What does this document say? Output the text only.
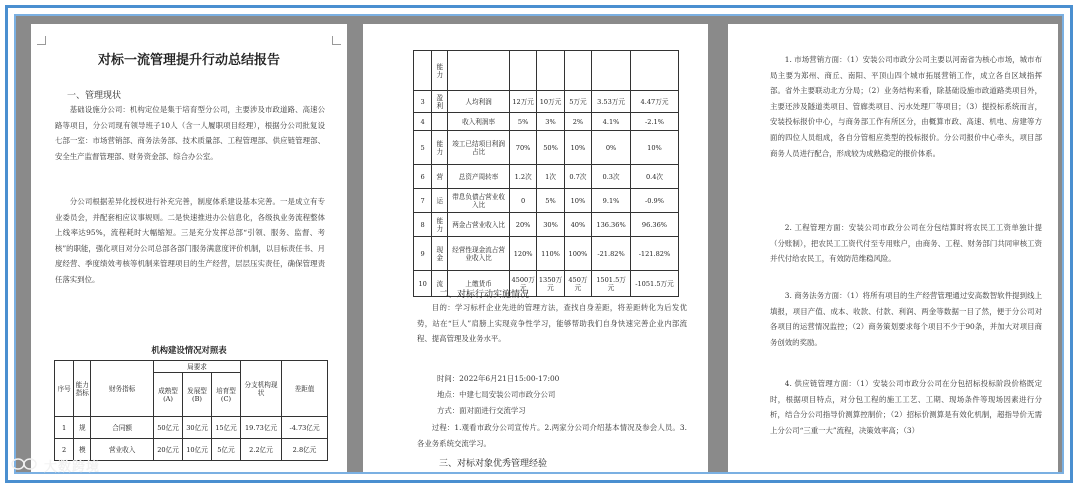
对标一流管理提升行动总结报告
一、管理现状
基础设施分公司：机构定位是集于培育型分公司，主要涉及市政道路、高速公路等项目，分公司现有领导班子10人（含一人履职项目经理），根据分公司批复设七部一室：市场营销部、商务法务部、技术质量部、工程管理部、供应链管理部、安全生产监督管理部、财务资金部、综合办公室。
分公司根据差异化授权进行补充完善，制度体系建设基本完善。一是成立有专业委员会，并配套相应议事规则。二是快速推进办公信息化，各级执业务流程整体上线率达95%，流程耗时大幅缩短。三是充分发挥总部“引领、服务、监督、考核”的职能，强化项目对分公司总部各部门服务满意度评价机制，以目标责任书、月度经营、季度绩效考核等机制来管理项目的生产经营，层层压实责任，确保管理责任落实到位。
机构建设情况对照表
序号	能力指标	财务指标	局要求			分支机构现状	差距值
			成熟型(A)	发展型(B)	培育型(C)		
1	规	合同额	50亿元	30亿元	15亿元	19.73亿元	-4.73亿元
2	模	营业收入	20亿元	10亿元	5亿元	2.2亿元	2.8亿元
	能力						
3	盈利	人均利润	12万元	10万元	5万元	3.53万元	4.47万元
4		收入利润率	5%	3%	2%	4.1%	-2.1%
5	能力	竣工已结项目利润占比	70%	50%	10%	0%	10%
6	营	总资产周转率	1.2次	1次	0.7次	0.3次	0.4次
7	运	带息负债占营业收入比	0	5%	10%	9.1%	-0.9%
8	能力	两金占营业收入比	20%	30%	40%	136.36%	96.36%
9	现金	经营性现金流占营业收入比	120%	110%	100%	-21.82%	-121.82%
10	流	上缴货币	4500万元	1350万元	450万元	1501.5万元	-1051.5万元
二、对标行动实施情况
目的：学习标杆企业先进的管理方法，查找自身差距，将差距转化为后发优势，站在“巨人”肩膀上实现竞争性学习，能够帮助我们自身快速完善企业内部流程、提高管理及业务水平。
时间：2022年6月21日15:00-17:00
地点：中建七局安装公司市政分公司
方式：面对面进行交流学习
过程：1.观看市政分公司宣传片。2.两家分公司介绍基本情况及参会人员。3.各业务系统交流学习。
三、对标对象优秀管理经验
1. 市场营销方面：（1）安装公司市政分公司主要以河南省为核心市场，城市布局主要为郑州、商丘、南阳、平顶山四个城市拓展营销工作，成立各自区域指挥部。省外主要联动北方分局；（2）业务结构来看，除基础设施市政道路类项目外，主要还涉及隧道类项目、管廊类项目、污水处理厂等项目；（3）提投标系统而言，安装投标报价中心，与商务部工作有所区分，由概算市政、高速、机电、房建等方面的四位人员组成，各自分管相应类型的投标报价。分公司报价中心牵头，项目部商务人员进行配合，形成较为成熟稳定的报价体系。
2. 工程管理方面：安装公司市政分公司在分包结算时将农民工工资单独计提（分账制），把农民工工资代付至专用账户，由商务、工程、财务部门共同审核工资并代付给农民工，有效防范维稳风险。
3. 商务法务方面：（1）将所有项目的生产经营管理通过安高数智软件提到线上填报，项目产值、成本、收款、付款、利润、两金等数据一目了然，便于分公司对各项目的运营情况监控；（2）商务策划要求每个项目不少于90条，并加大对项目商务创效的奖励。
4. 供应链管理方面：（1）安装公司市政分公司在分包招标投标阶段价格既定时，根据项目特点，对分包工程的施工工艺、工期、现场条件等现场因素进行分析，结合分公司指导价测算控制价；（2）招标价测算是有效化机制，超指导价无需上分公司“三重一大”流程，决策效率高；（3）
大数跨境
